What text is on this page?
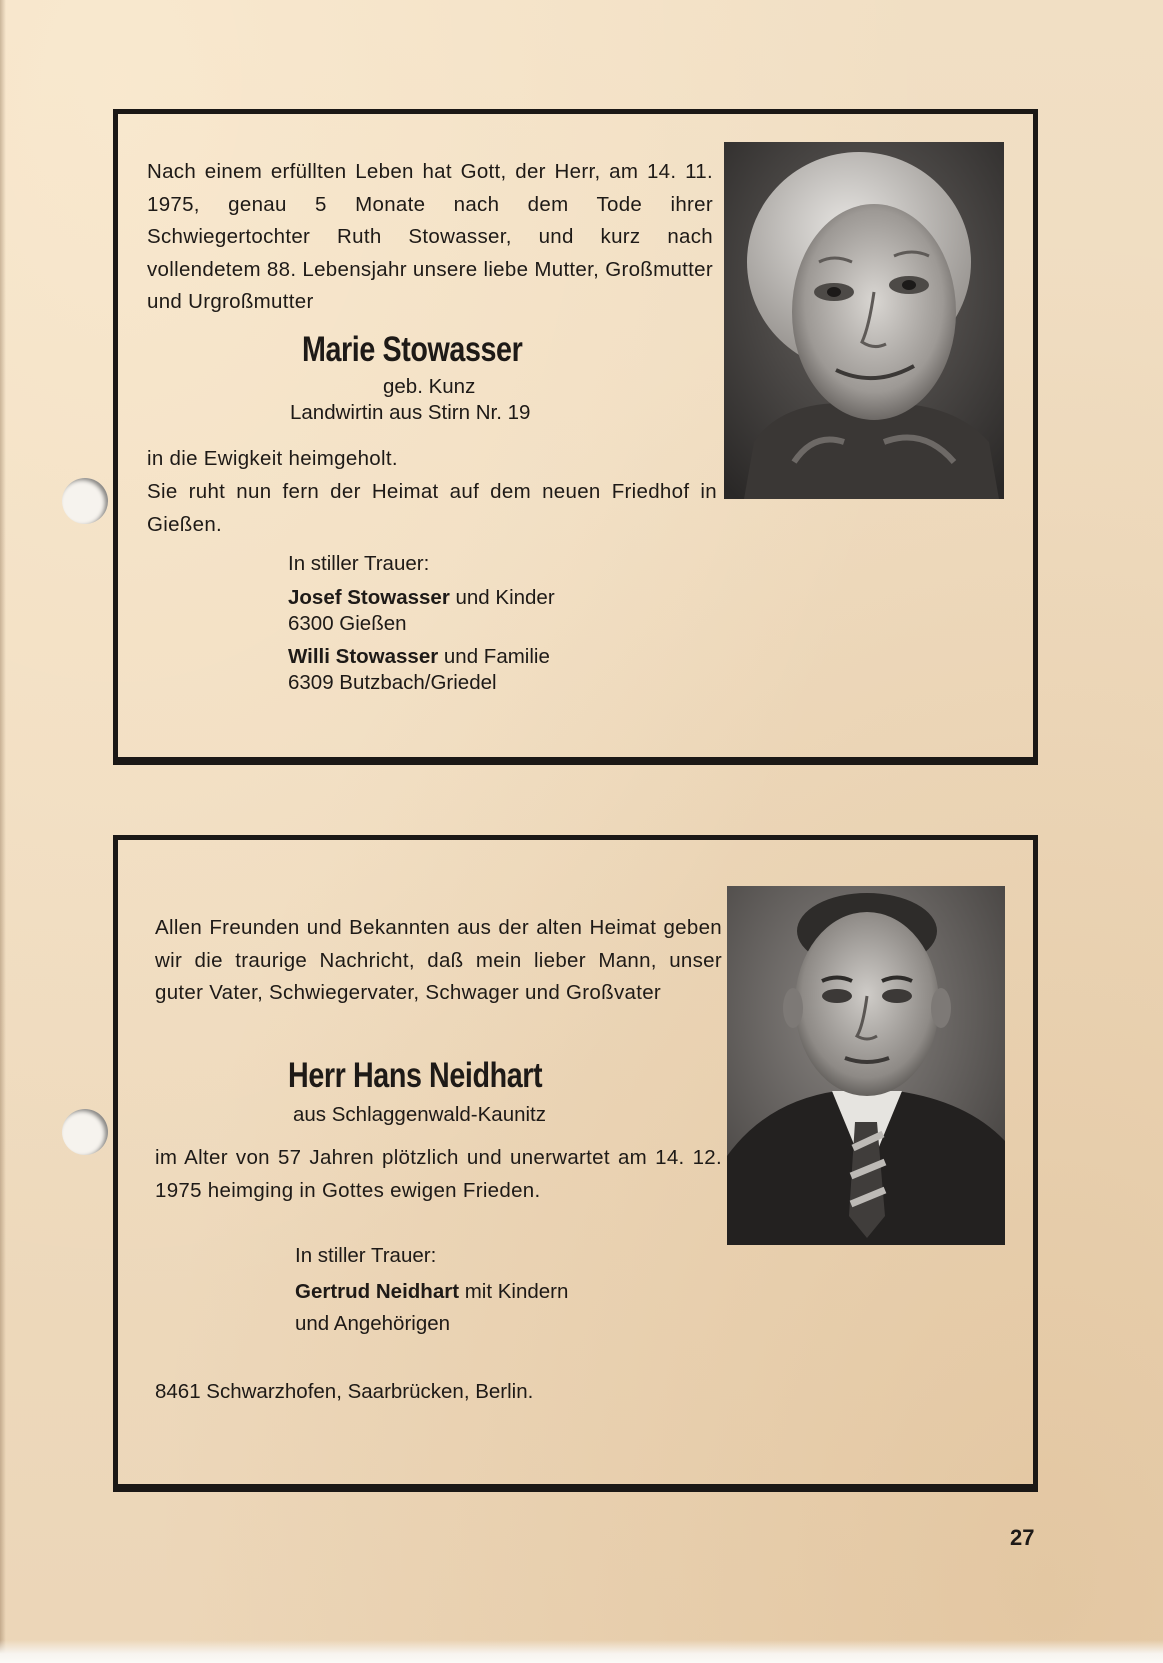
Nach einem erfüllten Leben hat Gott, der Herr, am 14. 11. 1975, genau 5 Monate nach dem Tode ihrer Schwiegertochter Ruth Stowasser, und kurz nach vollendetem 88. Lebensjahr unsere liebe Mutter, Großmutter und Urgroßmutter

Marie Stowasser

geb. Kunz

Landwirtin aus Stirn Nr. 19

in die Ewigkeit heimgeholt.

Sie ruht nun fern der Heimat auf dem neuen Friedhof in Gießen.

In stiller Trauer:

Josef Stowasser und Kinder

6300 Gießen

Willi Stowasser und Familie

6309 Butzbach/Griedel

Allen Freunden und Bekannten aus der alten Heimat geben wir die traurige Nachricht, daß mein lieber Mann, unser guter Vater, Schwiegervater, Schwager und Großvater

Herr Hans Neidhart

aus Schlaggenwald-Kaunitz

im Alter von 57 Jahren plötzlich und unerwartet am 14. 12. 1975 heimging in Gottes ewigen Frieden.

In stiller Trauer:

Gertrud Neidhart mit Kindern

und Angehörigen

8461 Schwarzhofen, Saarbrücken, Berlin.

27
